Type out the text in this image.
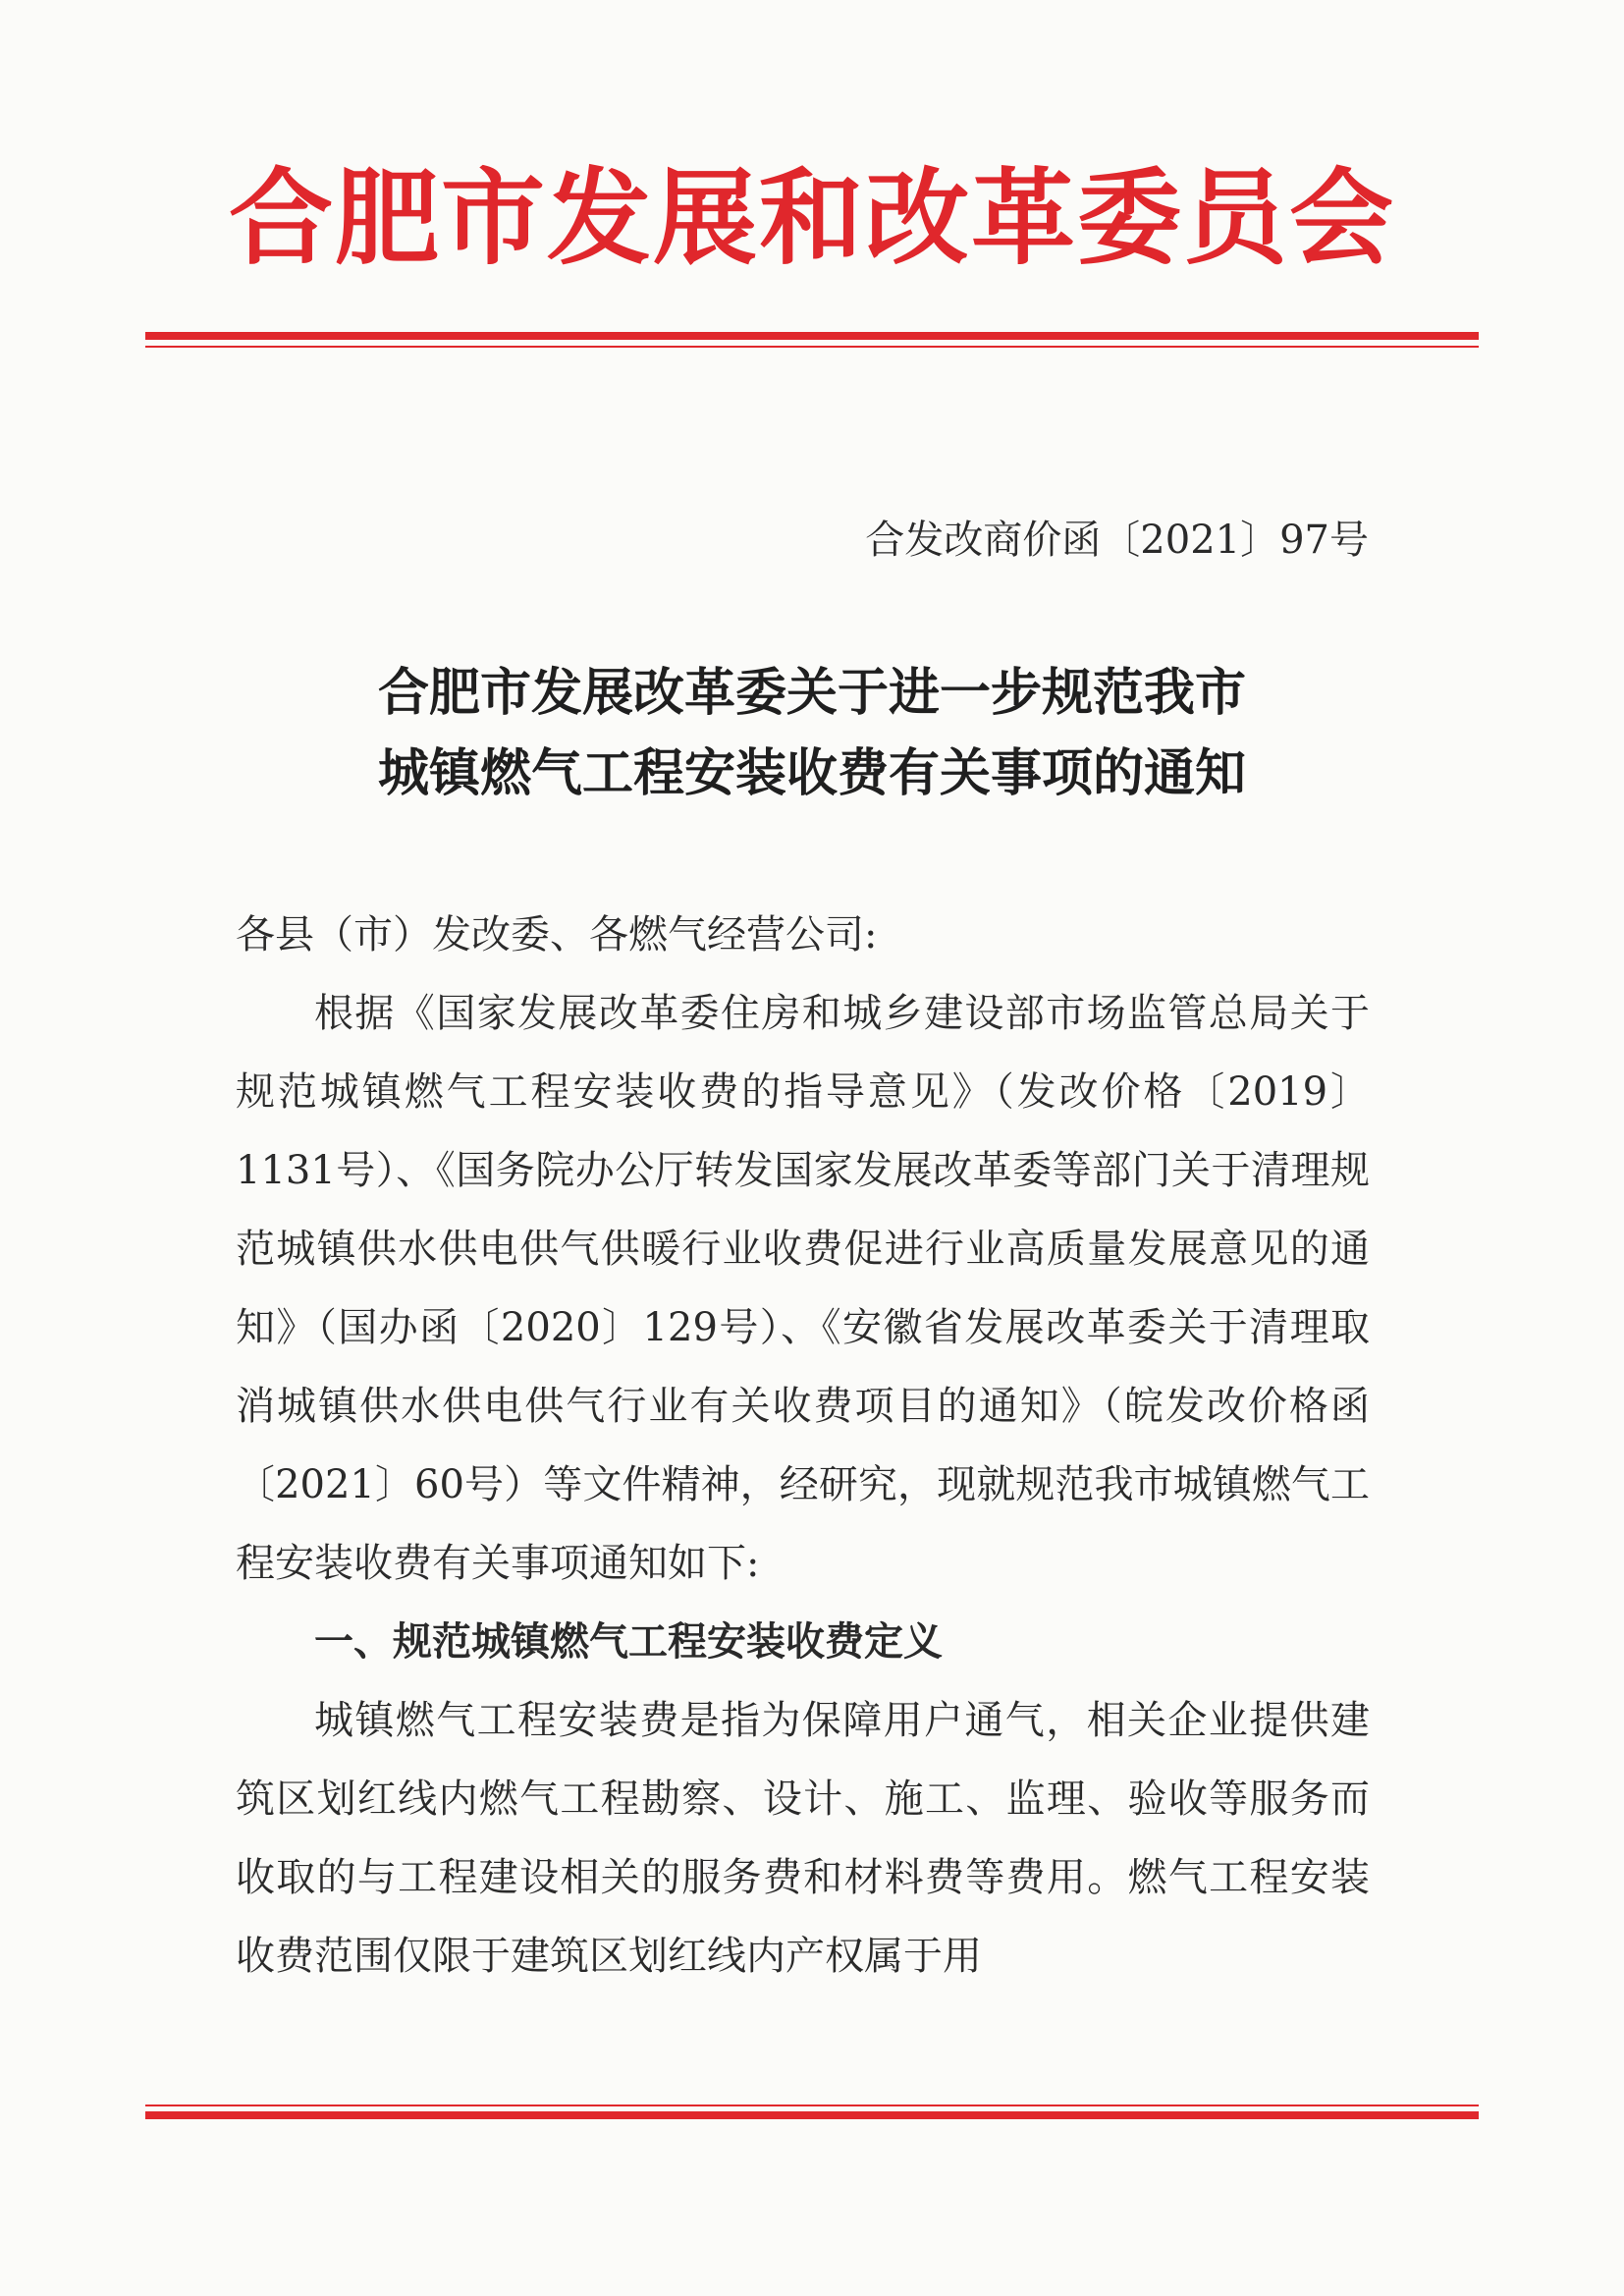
合肥市发展和改革委员会
合发改商价函〔2021〕97号
合肥市发展改革委关于进一步规范我市
城镇燃气工程安装收费有关事项的通知

各县（市）发改委、各燃气经营公司:

根据《国家发展改革委住房和城乡建设部市场监管总局关于规范城镇燃气工程安装收费的指导意见》（发改价格〔2019〕1131号）、《国务院办公厅转发国家发展改革委等部门关于清理规范城镇供水供电供气供暖行业收费促进行业高质量发展意见的通知》（国办函〔2020〕129号）、《安徽省发展改革委关于清理取消城镇供水供电供气行业有关收费项目的通知》（皖发改价格函〔2021〕60号）等文件精神，经研究，现就规范我市城镇燃气工程安装收费有关事项通知如下:

一、规范城镇燃气工程安装收费定义

城镇燃气工程安装费是指为保障用户通气，相关企业提供建筑区划红线内燃气工程勘察、设计、施工、监理、验收等服务而收取的与工程建设相关的服务费和材料费等费用。燃气工程安装收费范围仅限于建筑区划红线内产权属于用
